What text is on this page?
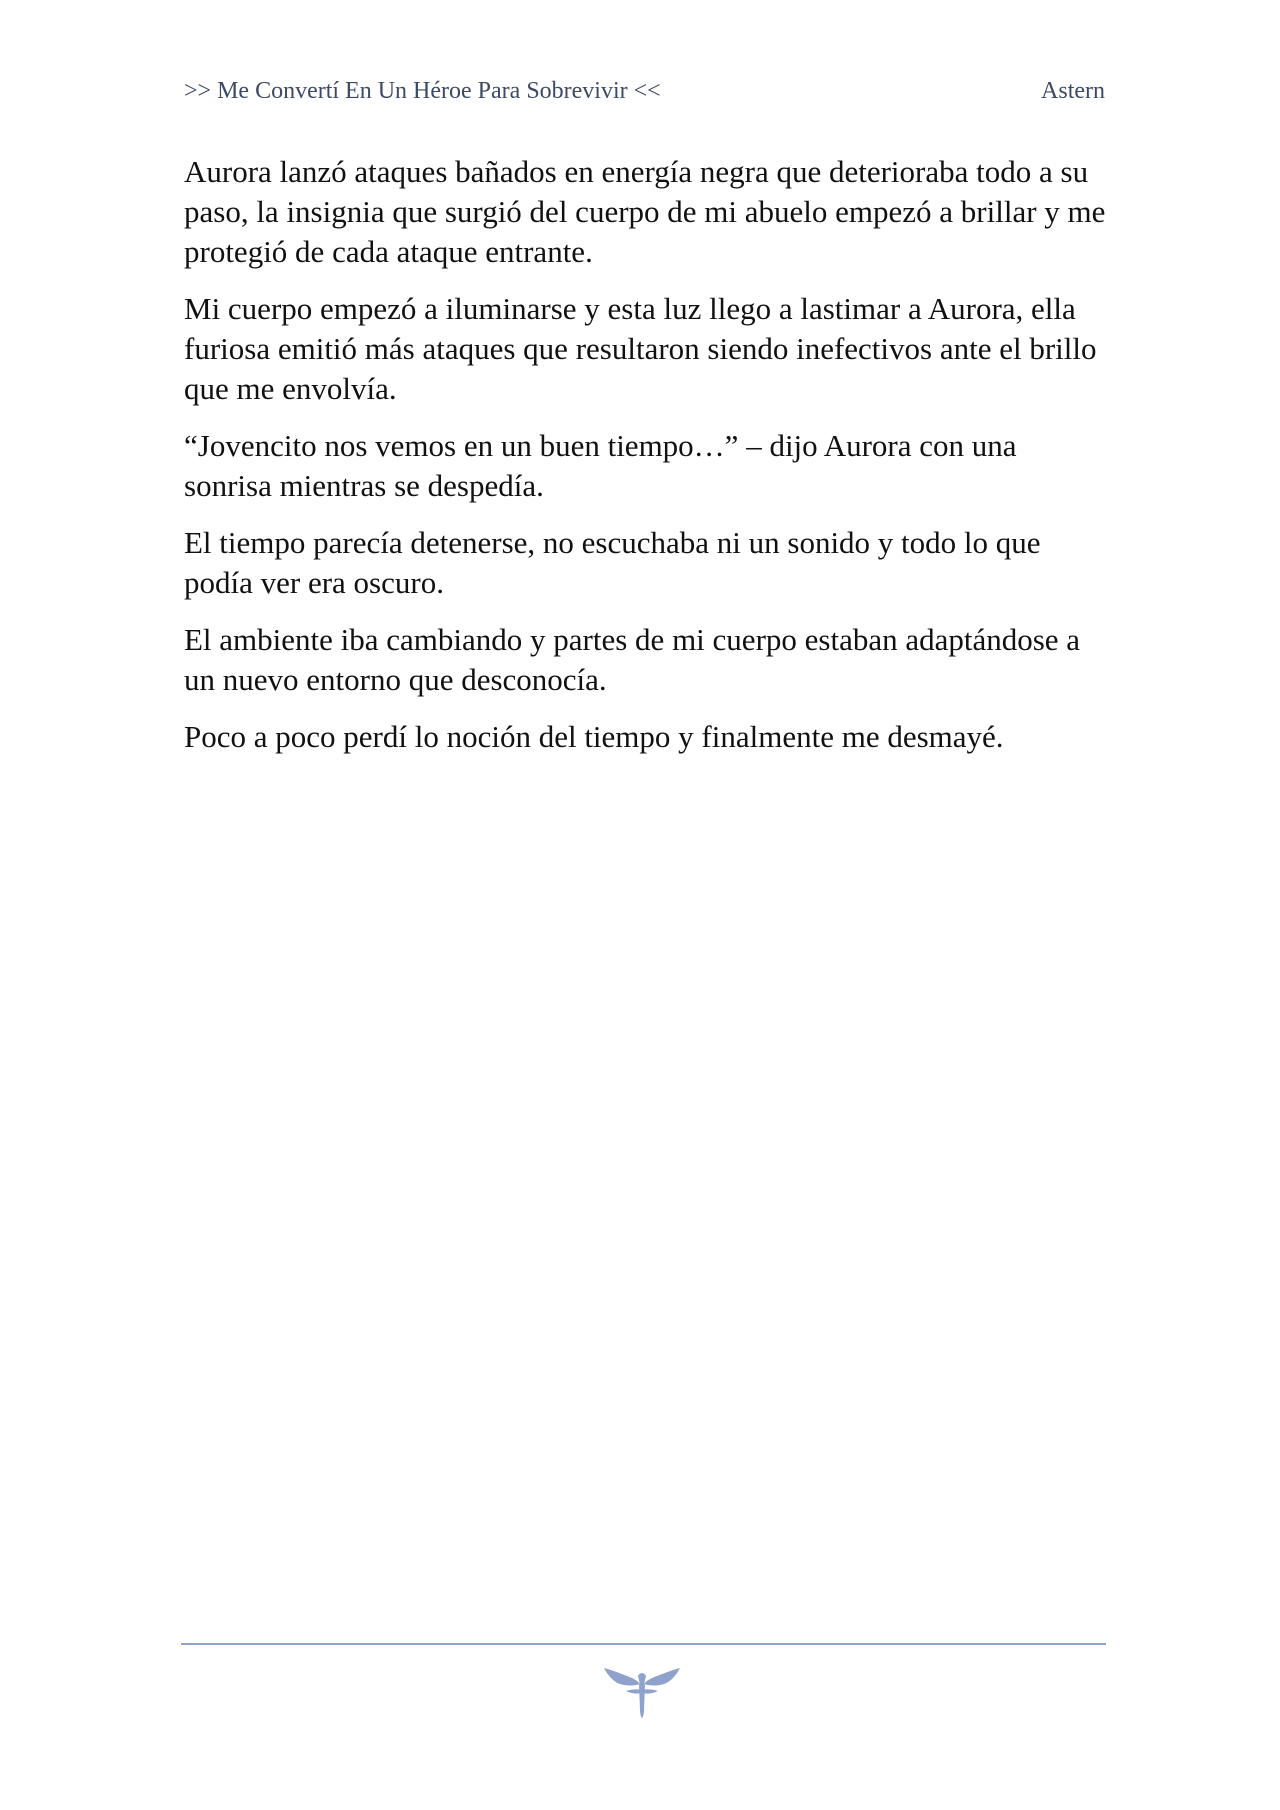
>> Me Convertí En Un Héroe Para Sobrevivir <<	Astern

Aurora lanzó ataques bañados en energía negra que deterioraba todo a su paso, la insignia que surgió del cuerpo de mi abuelo empezó a brillar y me protegió de cada ataque entrante.

Mi cuerpo empezó a iluminarse y esta luz llego a lastimar a Aurora, ella furiosa emitió más ataques que resultaron siendo inefectivos ante el brillo que me envolvía.

“Jovencito nos vemos en un buen tiempo…” – dijo Aurora con una sonrisa mientras se despedía.

El tiempo parecía detenerse, no escuchaba ni un sonido y todo lo que podía ver era oscuro.

El ambiente iba cambiando y partes de mi cuerpo estaban adaptándose a un nuevo entorno que desconocía.

Poco a poco perdí lo noción del tiempo y finalmente me desmayé.
